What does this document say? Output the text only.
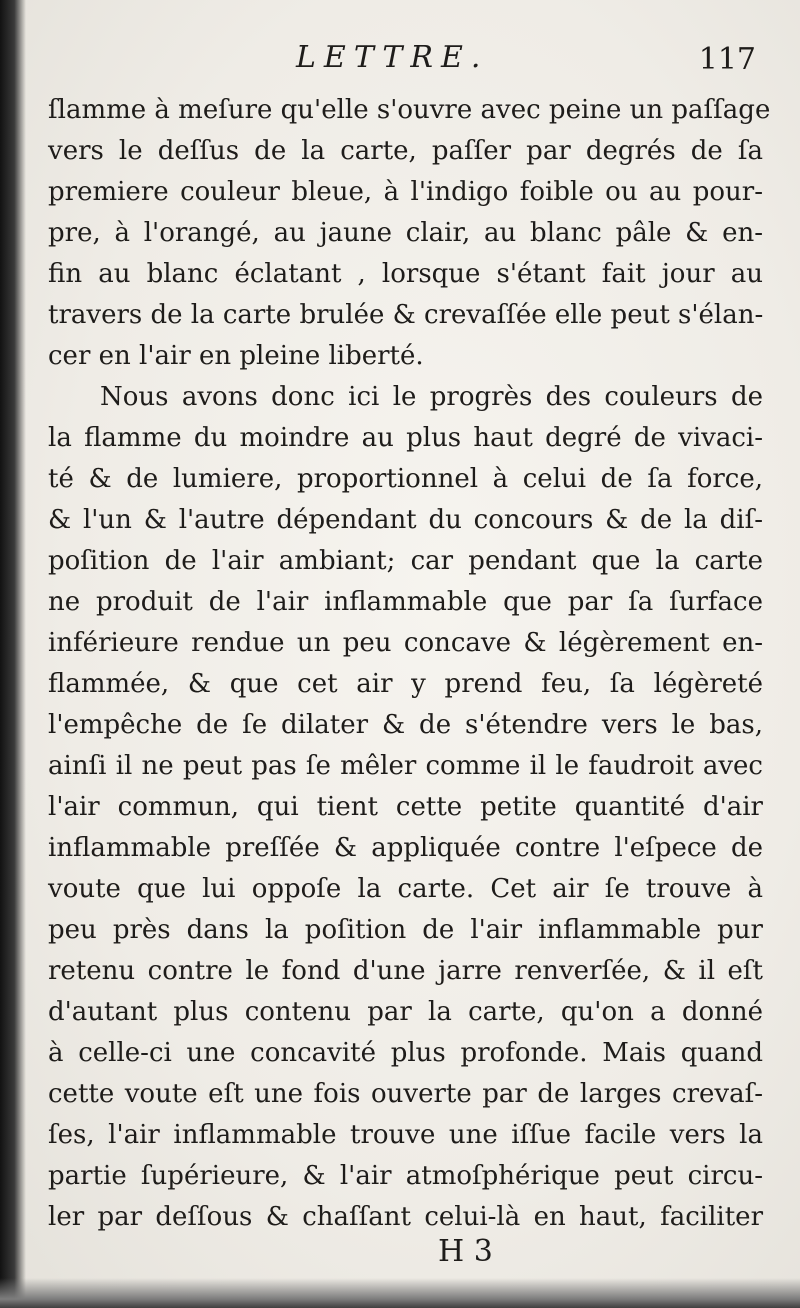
LETTRE.	117
ſlamme à meſure qu'elle s'ouvre avec peine un paſſage
vers le deſſus de la carte, paſſer par degrés de ſa
premiere couleur bleue, à l'indigo foible ou au pour-
pre, à l'orangé, au jaune clair, au blanc pâle & en-
fin au blanc éclatant , lorsque s'étant fait jour au
travers de la carte brulée & crevaſſée elle peut s'élan-
cer en l'air en pleine liberté.
Nous avons donc ici le progrès des couleurs de
la flamme du moindre au plus haut degré de vivaci-
té & de lumiere, proportionnel à celui de ſa force,
& l'un & l'autre dépendant du concours & de la diſ-
poſition de l'air ambiant; car pendant que la carte
ne produit de l'air inflammable que par ſa ſurface
inférieure rendue un peu concave & légèrement en-
flammée, & que cet air y prend feu, ſa légèreté
l'empêche de ſe dilater & de s'étendre vers le bas,
ainſi il ne peut pas ſe mêler comme il le faudroit avec
l'air commun, qui tient cette petite quantité d'air
inflammable preſſée & appliquée contre l'eſpece de
voute que lui oppoſe la carte. Cet air ſe trouve à
peu près dans la poſition de l'air inflammable pur
retenu contre le fond d'une jarre renverſée, & il eſt
d'autant plus contenu par la carte, qu'on a donné
à celle-ci une concavité plus profonde. Mais quand
cette voute eſt une fois ouverte par de larges crevaſ-
ſes, l'air inflammable trouve une iſſue facile vers la
partie ſupérieure, & l'air atmoſphérique peut circu-
ler par deſſous & chaſſant celui-là en haut, faciliter
H 3
